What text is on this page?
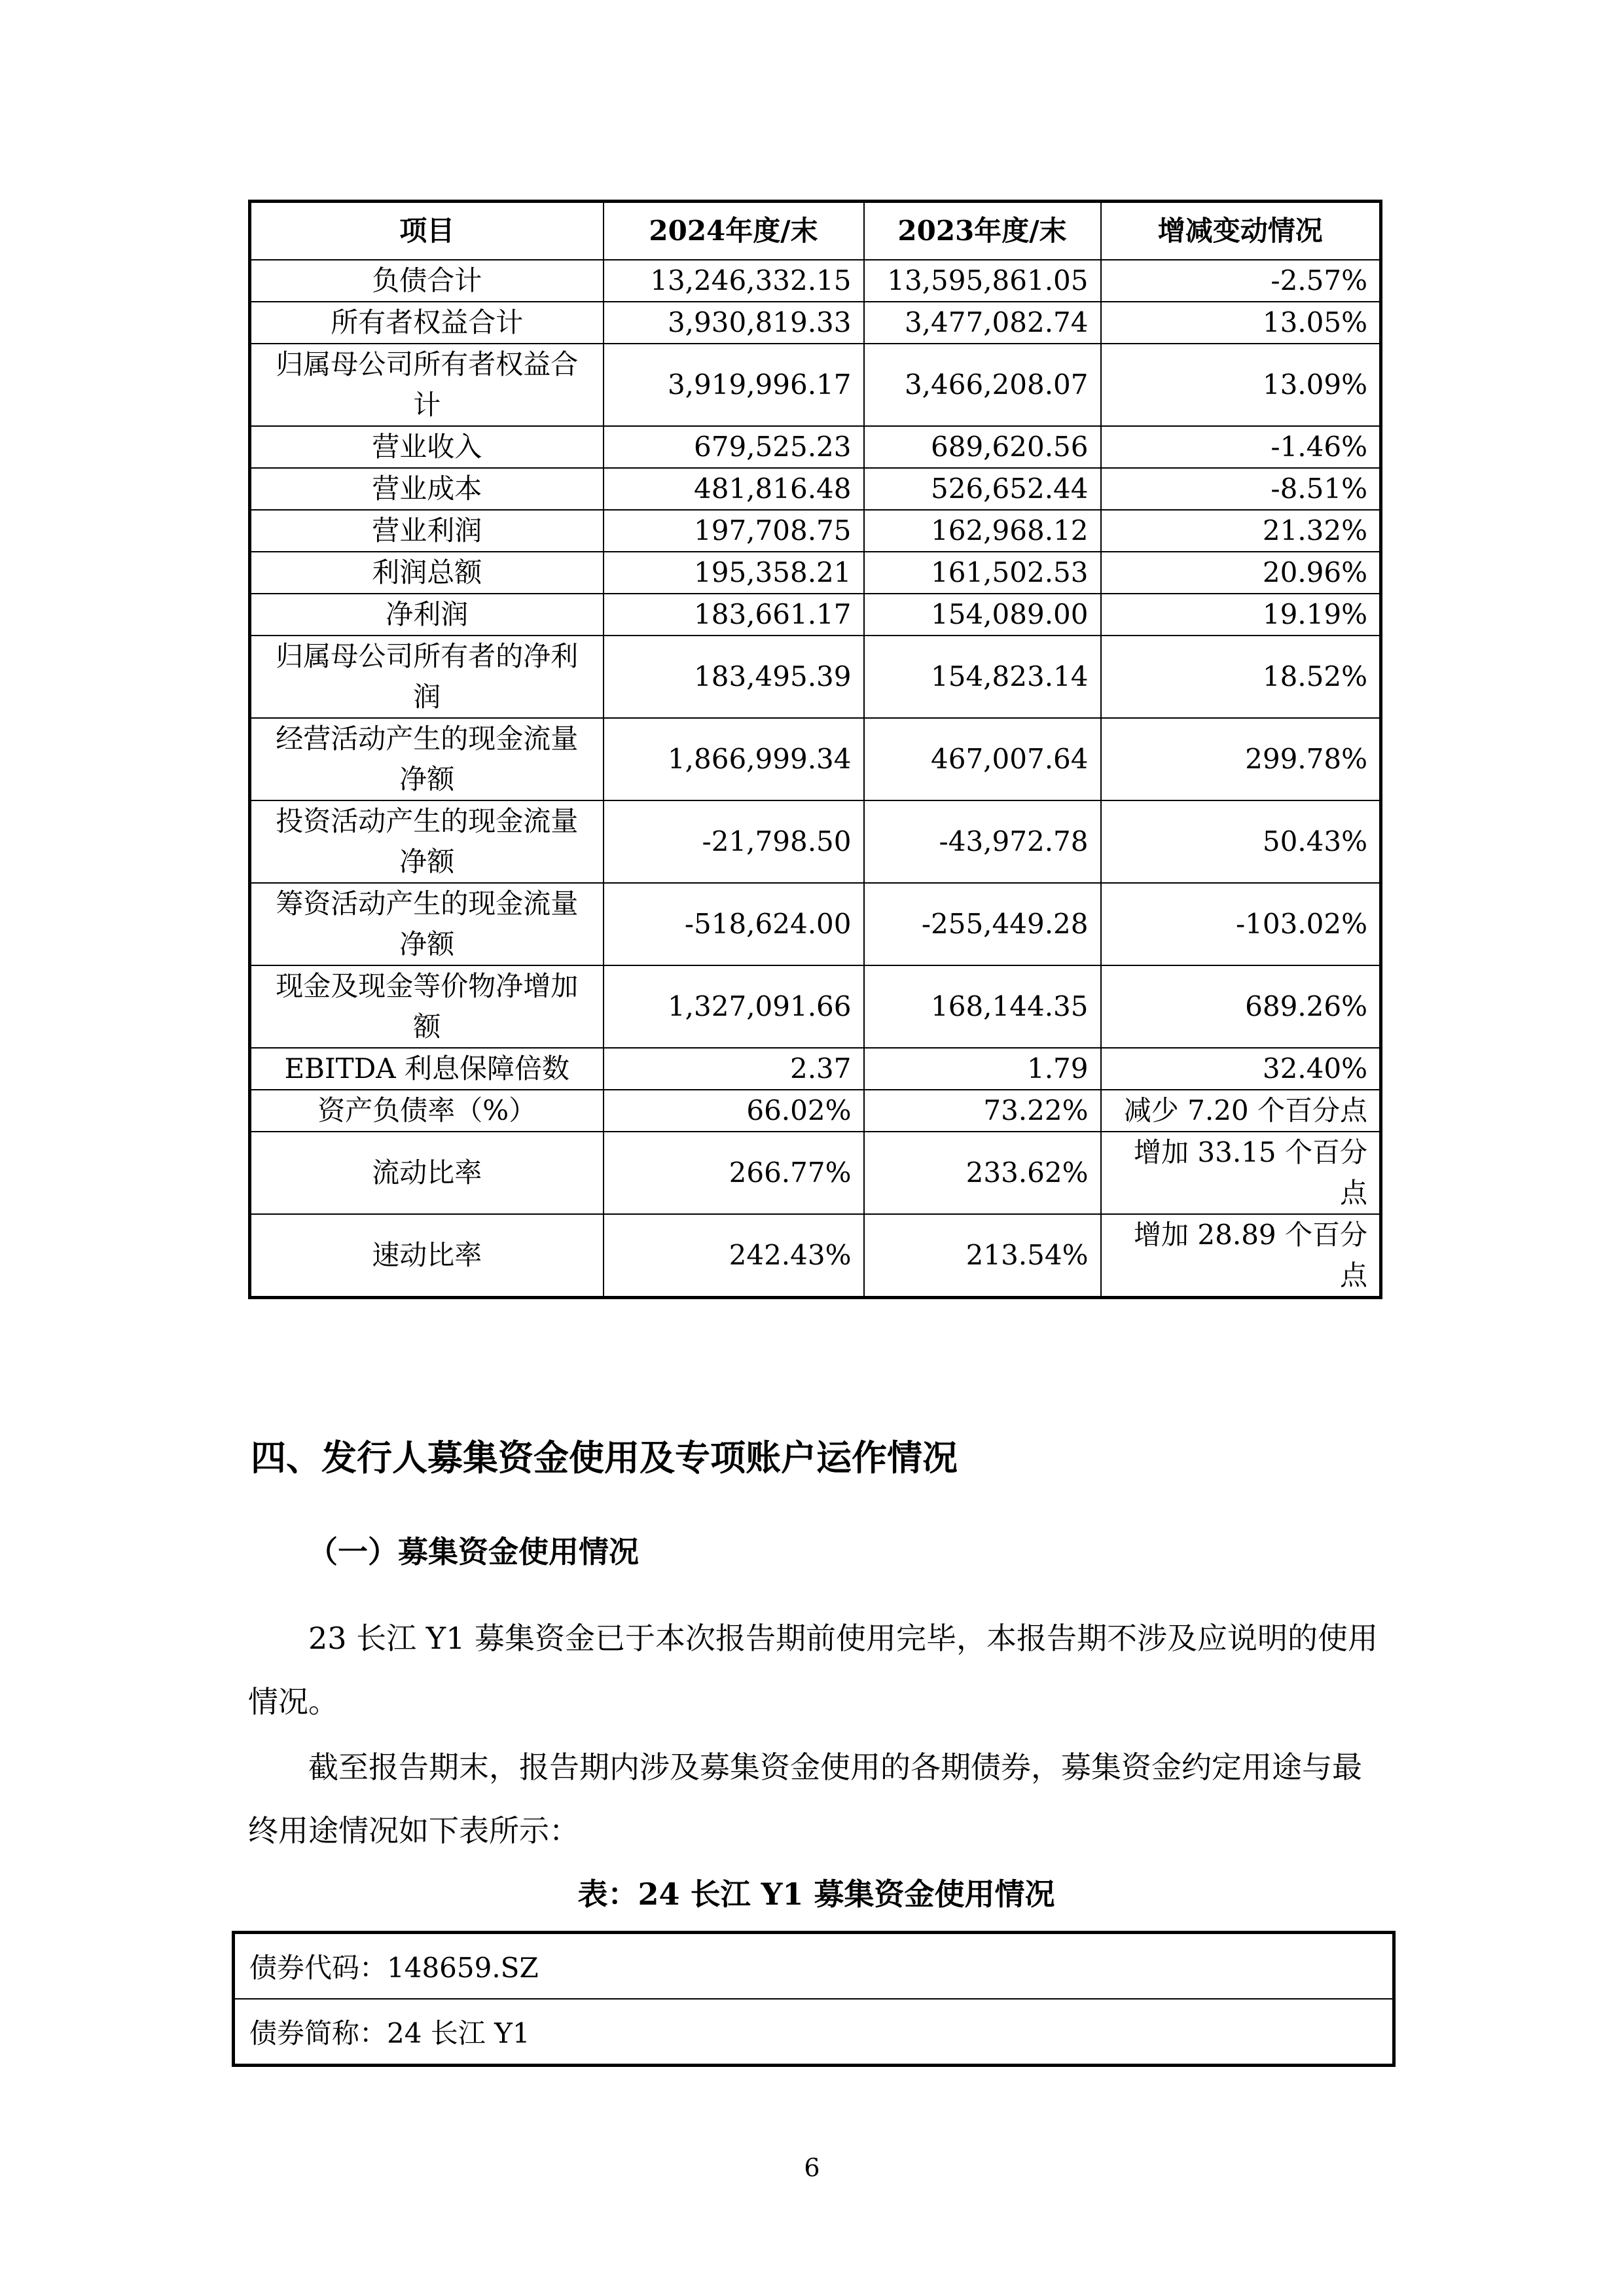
项目	2024年度/末	2023年度/末	增减变动情况
负债合计	13,246,332.15	13,595,861.05	-2.57%
所有者权益合计	3,930,819.33	3,477,082.74	13.05%
归属母公司所有者权益合计	3,919,996.17	3,466,208.07	13.09%
营业收入	679,525.23	689,620.56	-1.46%
营业成本	481,816.48	526,652.44	-8.51%
营业利润	197,708.75	162,968.12	21.32%
利润总额	195,358.21	161,502.53	20.96%
净利润	183,661.17	154,089.00	19.19%
归属母公司所有者的净利润	183,495.39	154,823.14	18.52%
经营活动产生的现金流量净额	1,866,999.34	467,007.64	299.78%
投资活动产生的现金流量净额	-21,798.50	-43,972.78	50.43%
筹资活动产生的现金流量净额	-518,624.00	-255,449.28	-103.02%
现金及现金等价物净增加额	1,327,091.66	168,144.35	689.26%
EBITDA 利息保障倍数	2.37	1.79	32.40%
资产负债率（%）	66.02%	73.22%	减少 7.20 个百分点
流动比率	266.77%	233.62%	增加 33.15 个百分点
速动比率	242.43%	213.54%	增加 28.89 个百分点
四、发行人募集资金使用及专项账户运作情况
（一）募集资金使用情况
23 长江 Y1 募集资金已于本次报告期前使用完毕，本报告期不涉及应说明的使用情况。
截至报告期末，报告期内涉及募集资金使用的各期债券，募集资金约定用途与最终用途情况如下表所示：
表：24 长江 Y1 募集资金使用情况
债券代码：148659.SZ
债券简称：24 长江 Y1
6
